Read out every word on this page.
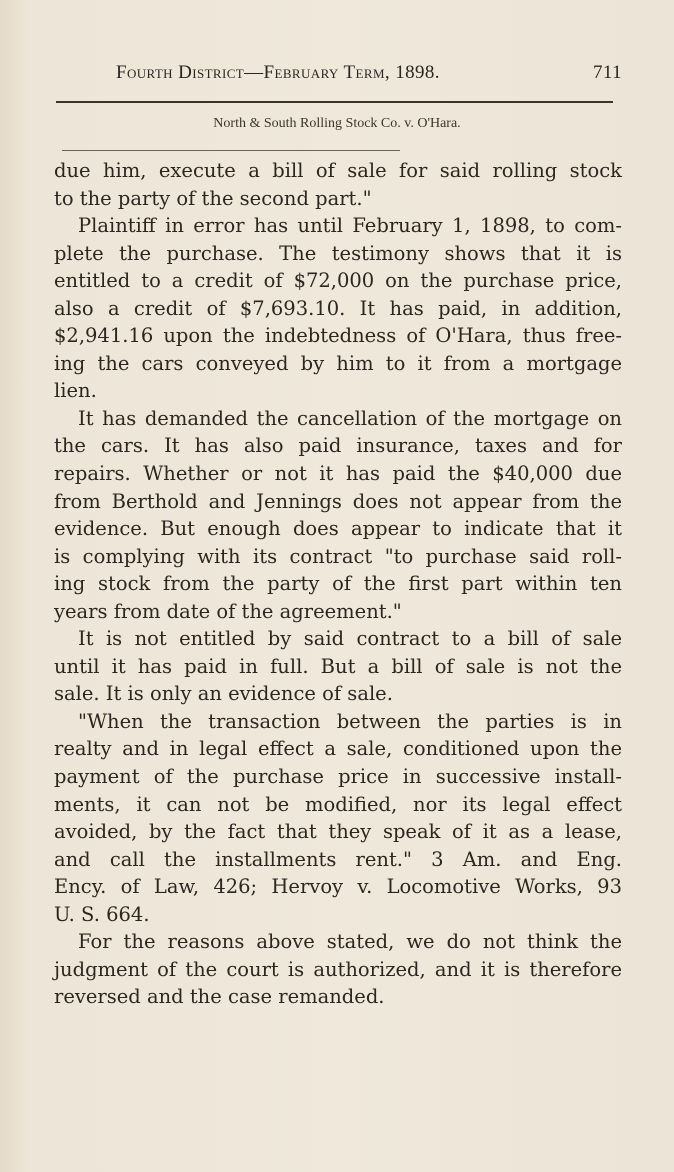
Fourth District—February Term, 1898.	711
North & South Rolling Stock Co. v. O'Hara.
due him, execute a bill of sale for said rolling stock
to the party of the second part."
Plaintiff in error has until February 1, 1898, to com-
plete the purchase. The testimony shows that it is
entitled to a credit of $72,000 on the purchase price,
also a credit of $7,693.10. It has paid, in addition,
$2,941.16 upon the indebtedness of O'Hara, thus free-
ing the cars conveyed by him to it from a mortgage
lien.
It has demanded the cancellation of the mortgage on
the cars. It has also paid insurance, taxes and for
repairs. Whether or not it has paid the $40,000 due
from Berthold and Jennings does not appear from the
evidence. But enough does appear to indicate that it
is complying with its contract "to purchase said roll-
ing stock from the party of the first part within ten
years from date of the agreement."
It is not entitled by said contract to a bill of sale
until it has paid in full. But a bill of sale is not the
sale. It is only an evidence of sale.
"When the transaction between the parties is in
realty and in legal effect a sale, conditioned upon the
payment of the purchase price in successive install-
ments, it can not be modified, nor its legal effect
avoided, by the fact that they speak of it as a lease,
and call the installments rent." 3 Am. and Eng.
Ency. of Law, 426; Hervoy v. Locomotive Works, 93
U. S. 664.
For the reasons above stated, we do not think the
judgment of the court is authorized, and it is therefore
reversed and the case remanded.
